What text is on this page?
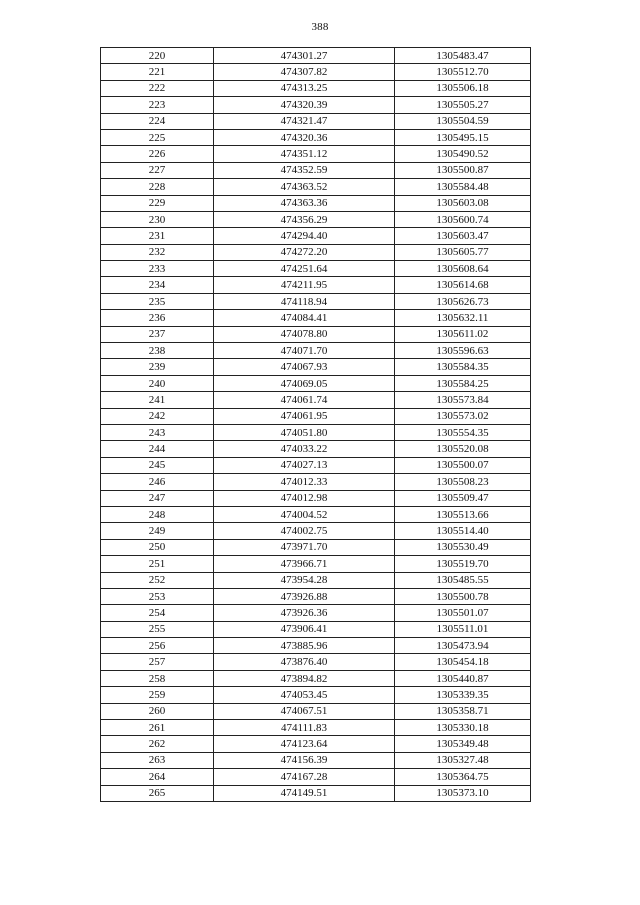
388
220	474301.27	1305483.47
221	474307.82	1305512.70
222	474313.25	1305506.18
223	474320.39	1305505.27
224	474321.47	1305504.59
225	474320.36	1305495.15
226	474351.12	1305490.52
227	474352.59	1305500.87
228	474363.52	1305584.48
229	474363.36	1305603.08
230	474356.29	1305600.74
231	474294.40	1305603.47
232	474272.20	1305605.77
233	474251.64	1305608.64
234	474211.95	1305614.68
235	474118.94	1305626.73
236	474084.41	1305632.11
237	474078.80	1305611.02
238	474071.70	1305596.63
239	474067.93	1305584.35
240	474069.05	1305584.25
241	474061.74	1305573.84
242	474061.95	1305573.02
243	474051.80	1305554.35
244	474033.22	1305520.08
245	474027.13	1305500.07
246	474012.33	1305508.23
247	474012.98	1305509.47
248	474004.52	1305513.66
249	474002.75	1305514.40
250	473971.70	1305530.49
251	473966.71	1305519.70
252	473954.28	1305485.55
253	473926.88	1305500.78
254	473926.36	1305501.07
255	473906.41	1305511.01
256	473885.96	1305473.94
257	473876.40	1305454.18
258	473894.82	1305440.87
259	474053.45	1305339.35
260	474067.51	1305358.71
261	474111.83	1305330.18
262	474123.64	1305349.48
263	474156.39	1305327.48
264	474167.28	1305364.75
265	474149.51	1305373.10
